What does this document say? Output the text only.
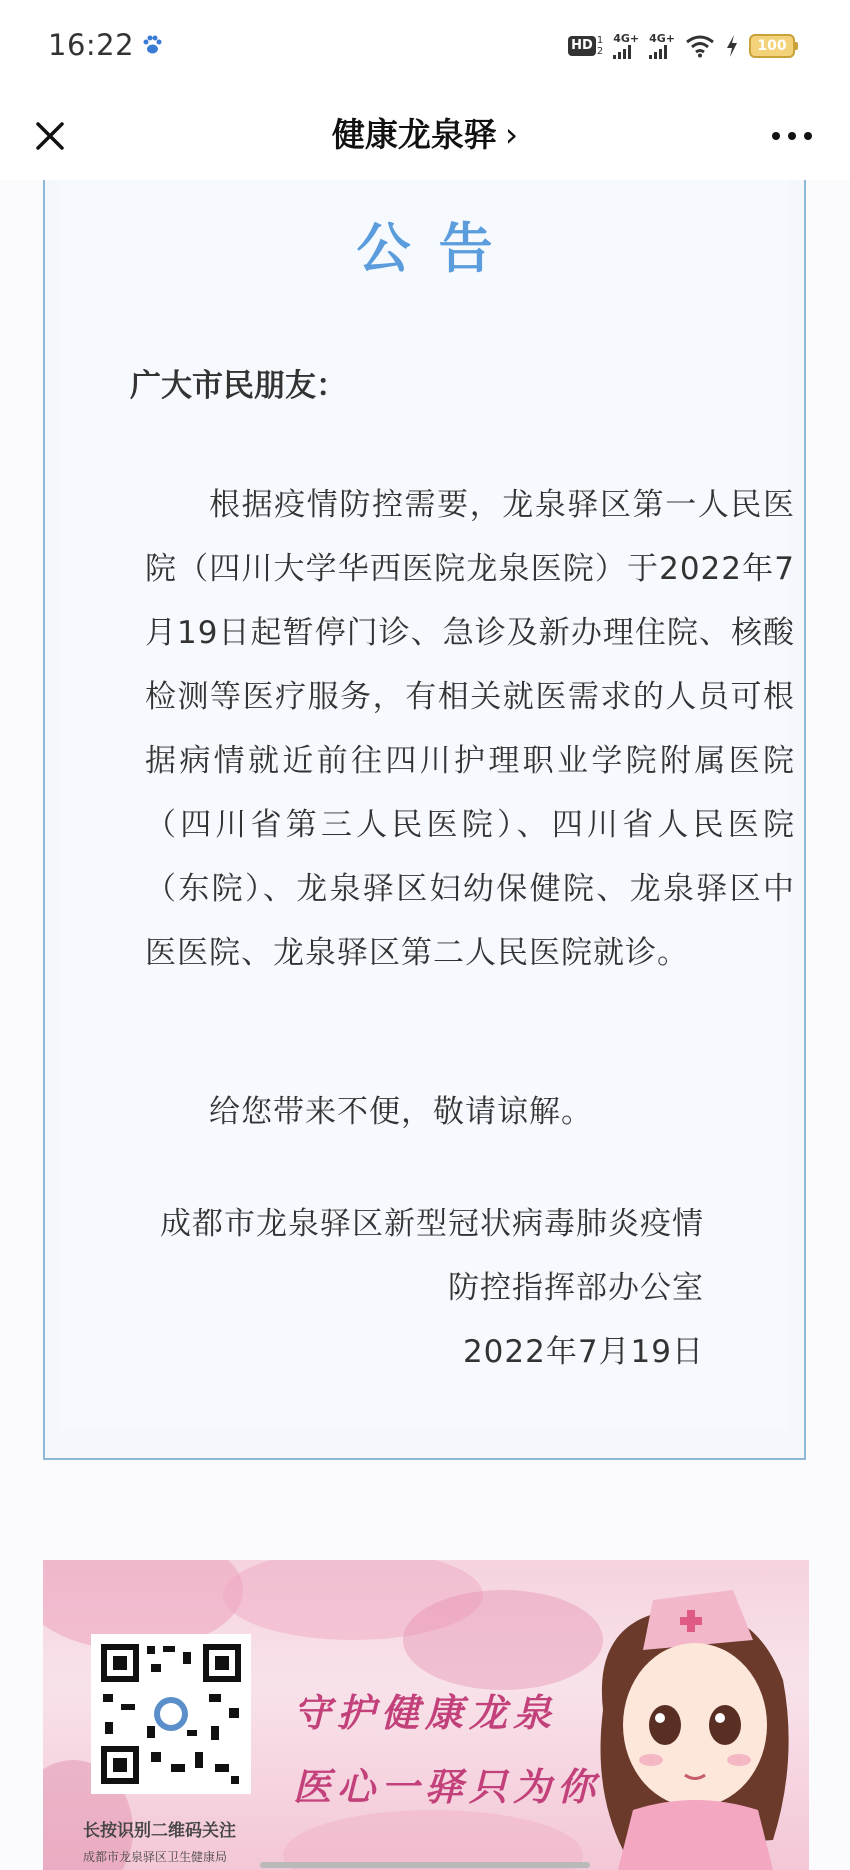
16:22	HD 1
2
4G+ 4G+	100
健康龙泉驿 ›
公告
广大市民朋友：
根据疫情防控需要，龙泉驿区第一人民医院（四川大学华西医院龙泉医院）于2022年7月19日起暂停门诊、急诊及新办理住院、核酸检测等医疗服务，有相关就医需求的人员可根据病情就近前往四川护理职业学院附属医院（四川省第三人民医院）、四川省人民医院（东院）、龙泉驿区妇幼保健院、龙泉驿区中医医院、龙泉驿区第二人民医院就诊。
给您带来不便，敬请谅解。
成都市龙泉驿区新型冠状病毒肺炎疫情
防控指挥部办公室
2022年7月19日
长按识别二维码关注
成都市龙泉驿区卫生健康局
守护健康龙泉
医心一驿只为你
